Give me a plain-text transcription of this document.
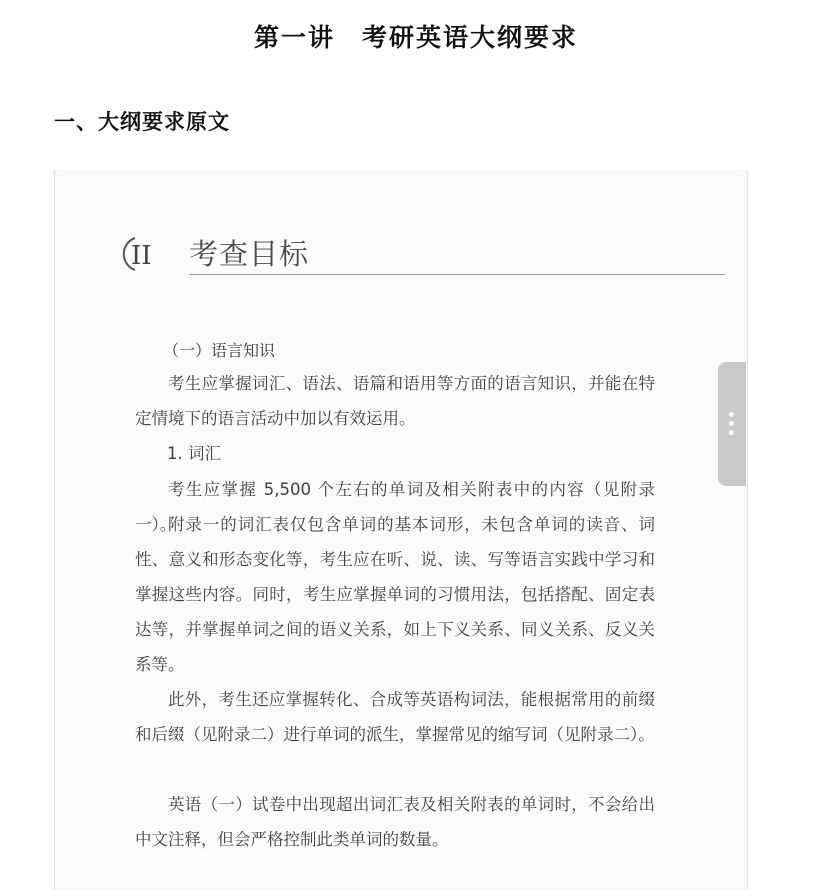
第一讲　考研英语大纲要求
一、大纲要求原文
II 考查目标
（一）语言知识

考生应掌握词汇、语法、语篇和语用等方面的语言知识，并能在特定情境下的语言活动中加以有效运用。

1. 词汇

考生应掌握 5,500 个左右的单词及相关附表中的内容（见附录一）。

附录一的词汇表仅包含单词的基本词形，未包含单词的读音、词性、意义和形态变化等，考生应在听、说、读、写等语言实践中学习和掌握这些内容。同时，考生应掌握单词的习惯用法，包括搭配、固定表达等，并掌握单词之间的语义关系，如上下义关系、同义关系、反义关系等。

此外，考生还应掌握转化、合成等英语构词法，能根据常用的前缀和后缀（见附录二）进行单词的派生，掌握常见的缩写词（见附录二）。

英语（一）试卷中出现超出词汇表及相关附表的单词时，不会给出中文注释，但会严格控制此类单词的数量。
